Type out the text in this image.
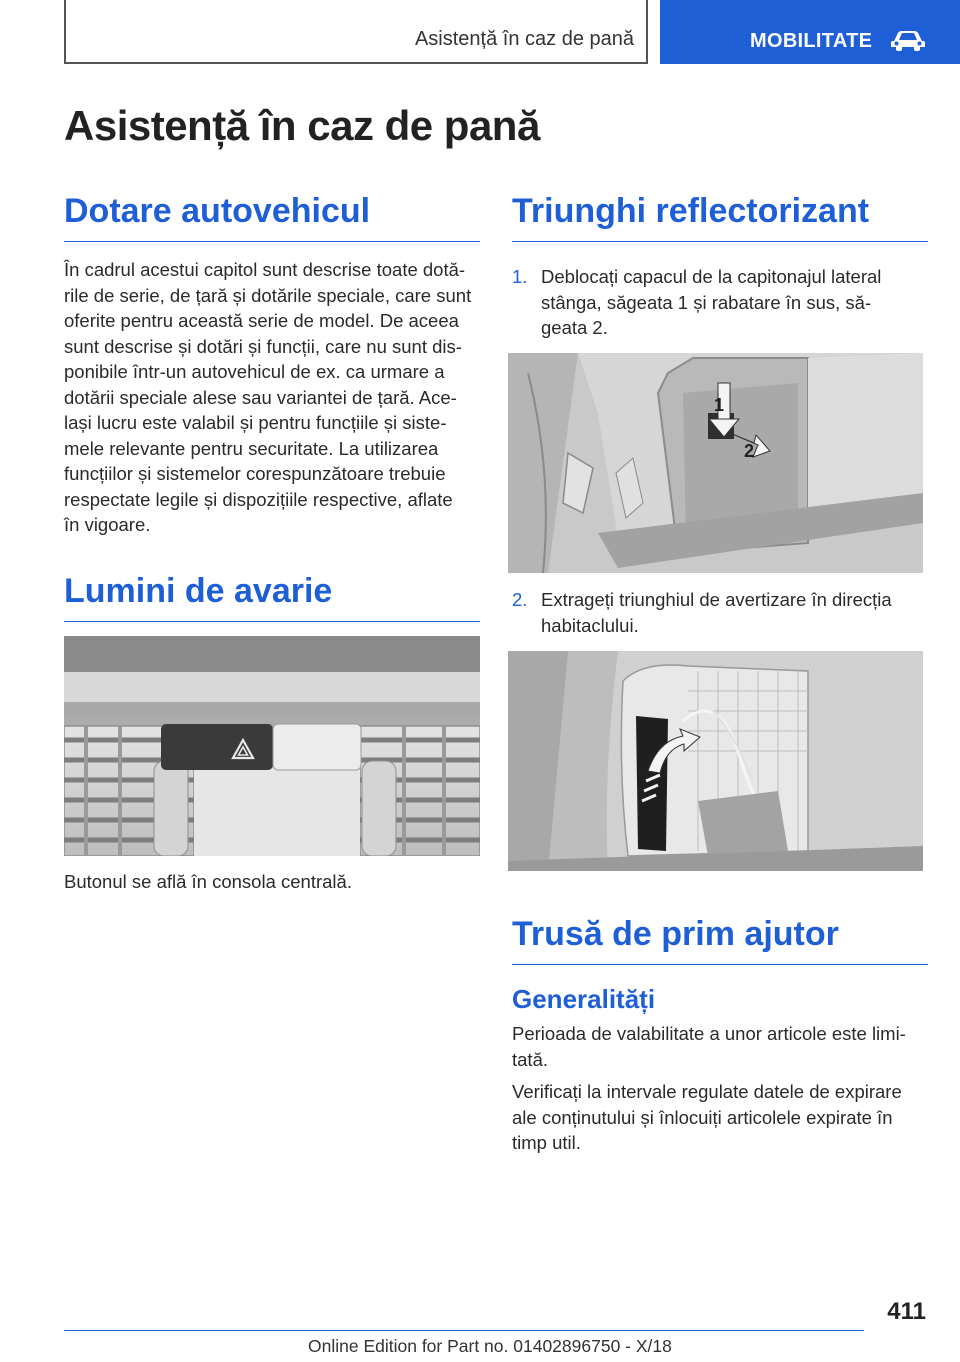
Asistență în caz de pană	MOBILITATE
Asistență în caz de pană
Dotare autovehicul
În cadrul acestui capitol sunt descrise toate dotă‐
rile de serie, de țară și dotările speciale, care sunt
oferite pentru această serie de model. De aceea
sunt descrise și dotări și funcții, care nu sunt dis‐
ponibile într-un autovehicul de ex. ca urmare a
dotării speciale alese sau variantei de țară. Ace‐
lași lucru este valabil și pentru funcțiile și siste‐
mele relevante pentru securitate. La utilizarea
funcțiilor și sistemelor corespunzătoare trebuie
respectate legile și dispozițiile respective, aflate
în vigoare.
Lumini de avarie

Butonul se află în consola centrală.

Triunghi reflectorizant
1. Deblocați capacul de la capitonajul lateral
stânga, săgeata 1 și rabatare în sus, să‐
geata 2.
1
2
2. Extrageți triunghiul de avertizare în direcția
habitaclului.
Trusă de prim ajutor
Generalități
Perioada de valabilitate a unor articole este limi‐
tată.
Verificați la intervale regulate datele de expirare
ale conținutului și înlocuiți articolele expirate în
timp util.
411
Online Edition for Part no. 01402896750 - X/18
